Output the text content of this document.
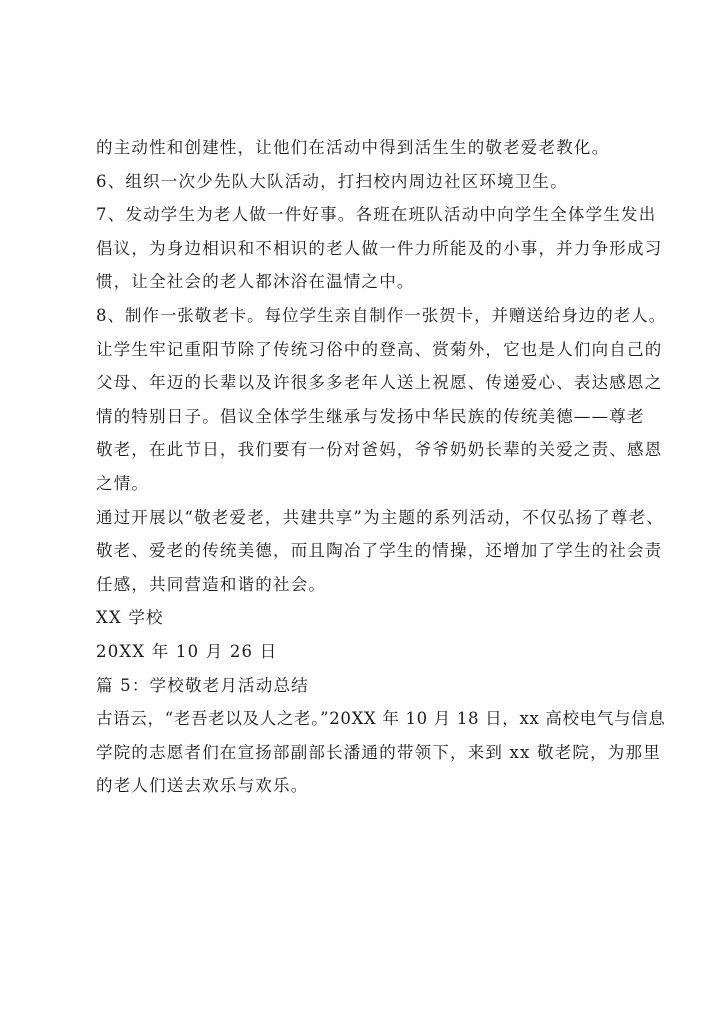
的主动性和创建性，让他们在活动中得到活生生的敬老爱老教化。
6、组织一次少先队大队活动，打扫校内周边社区环境卫生。
7、发动学生为老人做一件好事。各班在班队活动中向学生全体学生发出
倡议，为身边相识和不相识的老人做一件力所能及的小事，并力争形成习
惯，让全社会的老人都沐浴在温情之中。
8、制作一张敬老卡。每位学生亲自制作一张贺卡，并赠送给身边的老人。
让学生牢记重阳节除了传统习俗中的登高、赏菊外，它也是人们向自己的
父母、年迈的长辈以及许很多多老年人送上祝愿、传递爱心、表达感恩之
情的特别日子。倡议全体学生继承与发扬中华民族的传统美德——尊老
敬老，在此节日，我们要有一份对爸妈，爷爷奶奶长辈的关爱之责、感恩
之情。
通过开展以“敬老爱老，共建共享”为主题的系列活动，不仅弘扬了尊老、
敬老、爱老的传统美德，而且陶冶了学生的情操，还增加了学生的社会责
任感，共同营造和谐的社会。
XX 学校
20XX 年 10 月 26 日
篇 5：学校敬老月活动总结
古语云，“老吾老以及人之老。”20XX 年 10 月 18 日，xx 高校电气与信息
学院的志愿者们在宣扬部副部长潘通的带领下，来到 xx 敬老院，为那里
的老人们送去欢乐与欢乐。
